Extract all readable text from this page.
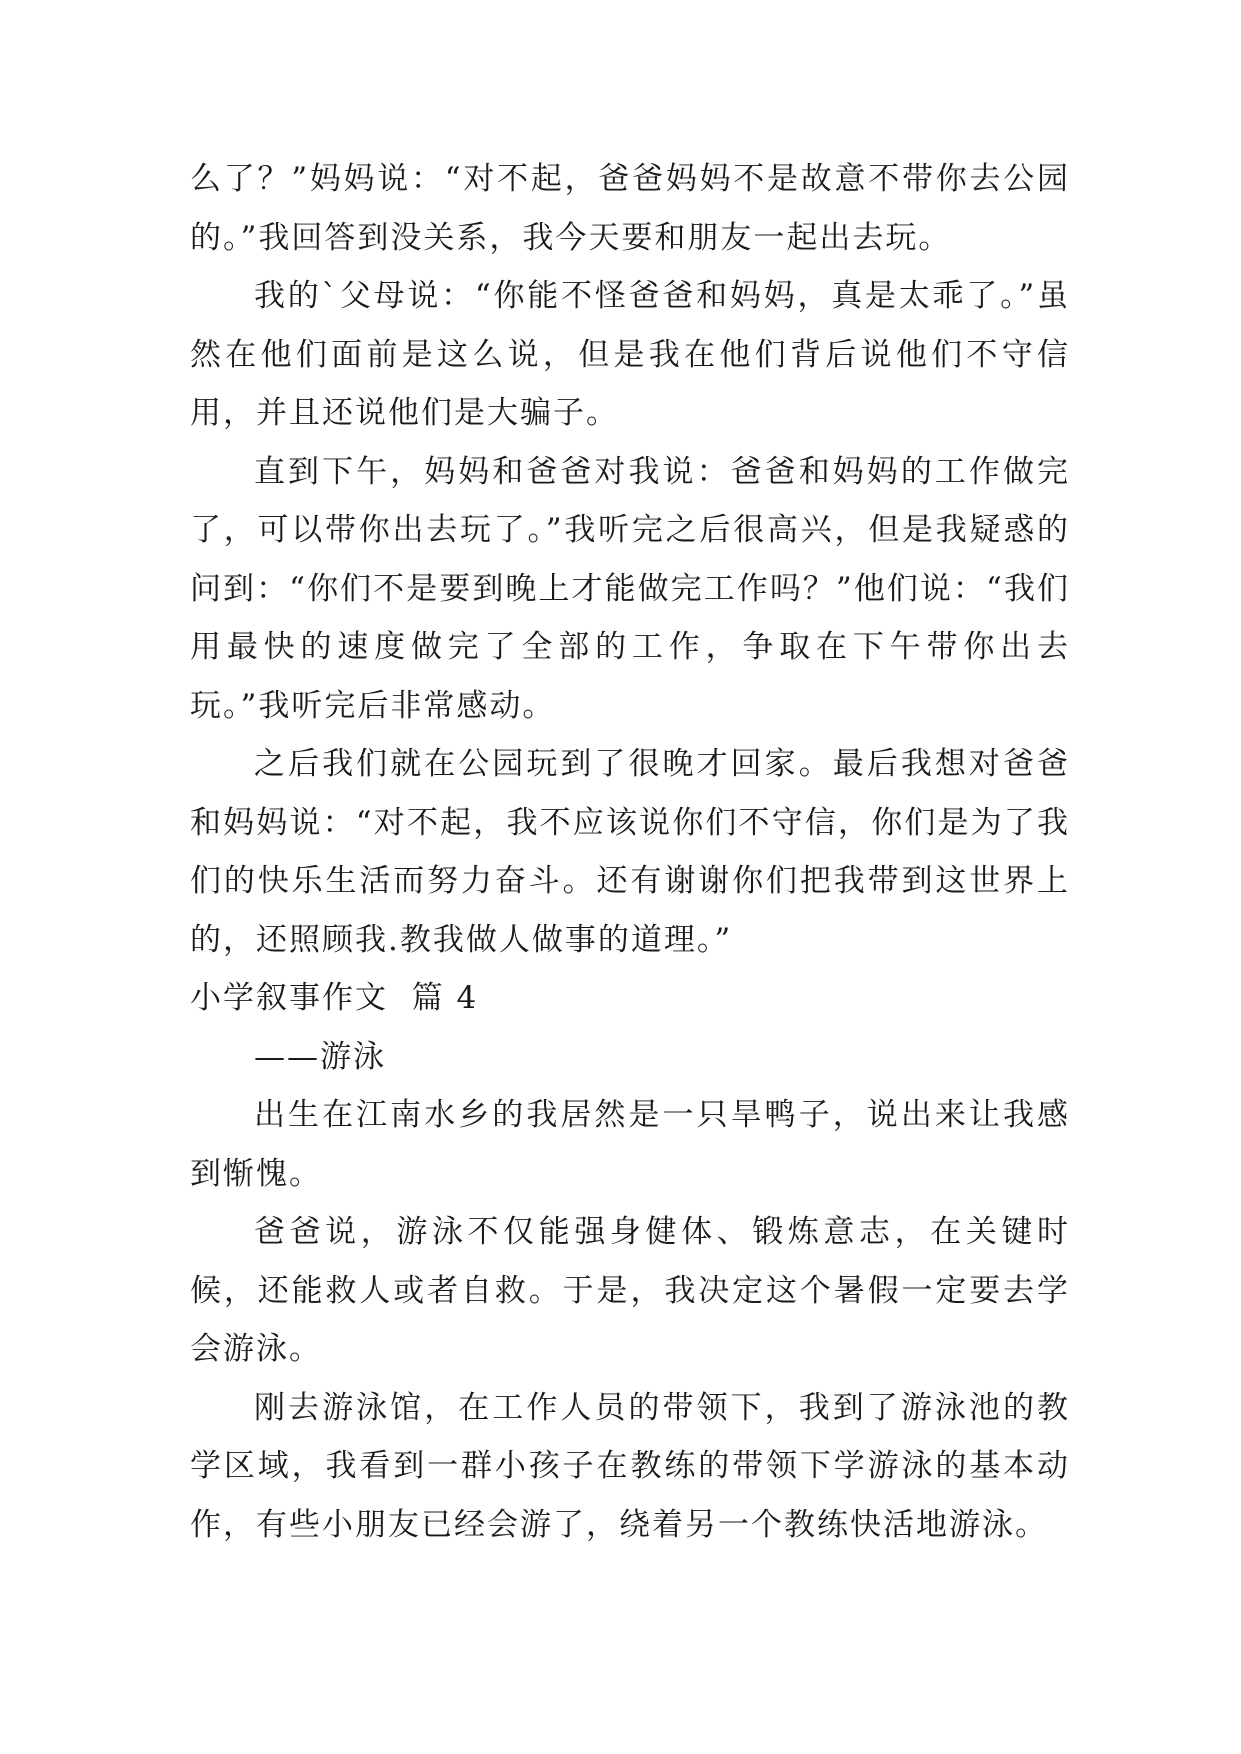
么了？”妈妈说：“对不起，爸爸妈妈不是故意不带你去公园的。”我回答到没关系，我今天要和朋友一起出去玩。

我的`父母说：“你能不怪爸爸和妈妈，真是太乖了。”虽然在他们面前是这么说，但是我在他们背后说他们不守信用，并且还说他们是大骗子。

直到下午，妈妈和爸爸对我说：爸爸和妈妈的工作做完了，可以带你出去玩了。”我听完之后很高兴，但是我疑惑的问到：“你们不是要到晚上才能做完工作吗？”他们说：“我们用最快的速度做完了全部的工作，争取在下午带你出去玩。”我听完后非常感动。

之后我们就在公园玩到了很晚才回家。最后我想对爸爸和妈妈说：“对不起，我不应该说你们不守信，你们是为了我们的快乐生活而努力奋斗。还有谢谢你们把我带到这世界上的，还照顾我.教我做人做事的道理。”

小学叙事作文  篇 4

——游泳

出生在江南水乡的我居然是一只旱鸭子，说出来让我感到惭愧。

爸爸说，游泳不仅能强身健体、锻炼意志，在关键时候，还能救人或者自救。于是，我决定这个暑假一定要去学会游泳。

刚去游泳馆，在工作人员的带领下，我到了游泳池的教学区域，我看到一群小孩子在教练的带领下学游泳的基本动作，有些小朋友已经会游了，绕着另一个教练快活地游泳。
